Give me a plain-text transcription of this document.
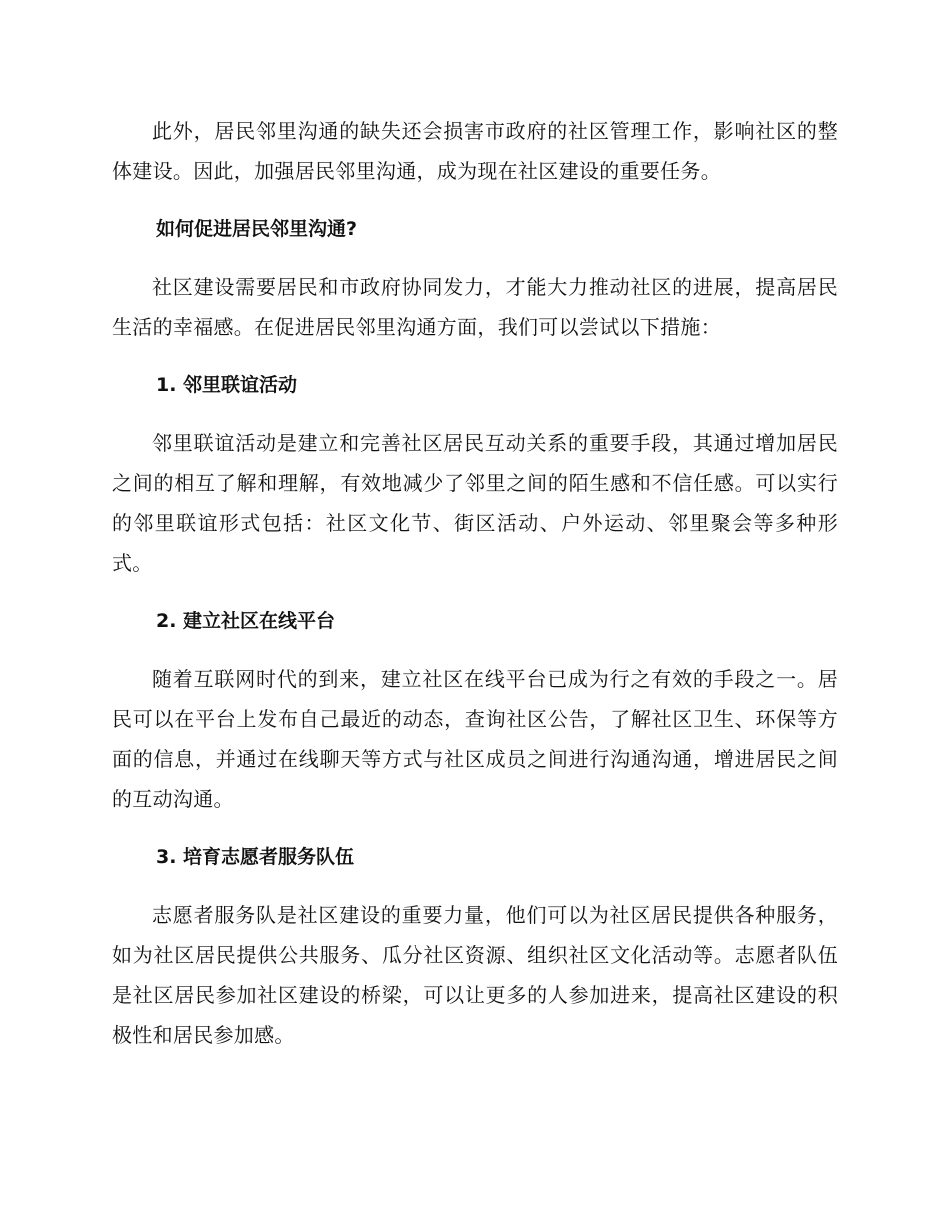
此外，居民邻里沟通的缺失还会损害市政府的社区管理工作，影响社区的整体建设。因此，加强居民邻里沟通，成为现在社区建设的重要任务。

如何促进居民邻里沟通?

社区建设需要居民和市政府协同发力，才能大力推动社区的进展，提高居民生活的幸福感。在促进居民邻里沟通方面，我们可以尝试以下措施：

1. 邻里联谊活动

邻里联谊活动是建立和完善社区居民互动关系的重要手段，其通过增加居民之间的相互了解和理解，有效地减少了邻里之间的陌生感和不信任感。可以实行的邻里联谊形式包括：社区文化节、街区活动、户外运动、邻里聚会等多种形式。

2. 建立社区在线平台

随着互联网时代的到来，建立社区在线平台已成为行之有效的手段之一。居民可以在平台上发布自己最近的动态，查询社区公告，了解社区卫生、环保等方面的信息，并通过在线聊天等方式与社区成员之间进行沟通沟通，增进居民之间的互动沟通。

3. 培育志愿者服务队伍

志愿者服务队是社区建设的重要力量，他们可以为社区居民提供各种服务，如为社区居民提供公共服务、瓜分社区资源、组织社区文化活动等。志愿者队伍是社区居民参加社区建设的桥梁，可以让更多的人参加进来，提高社区建设的积极性和居民参加感。
